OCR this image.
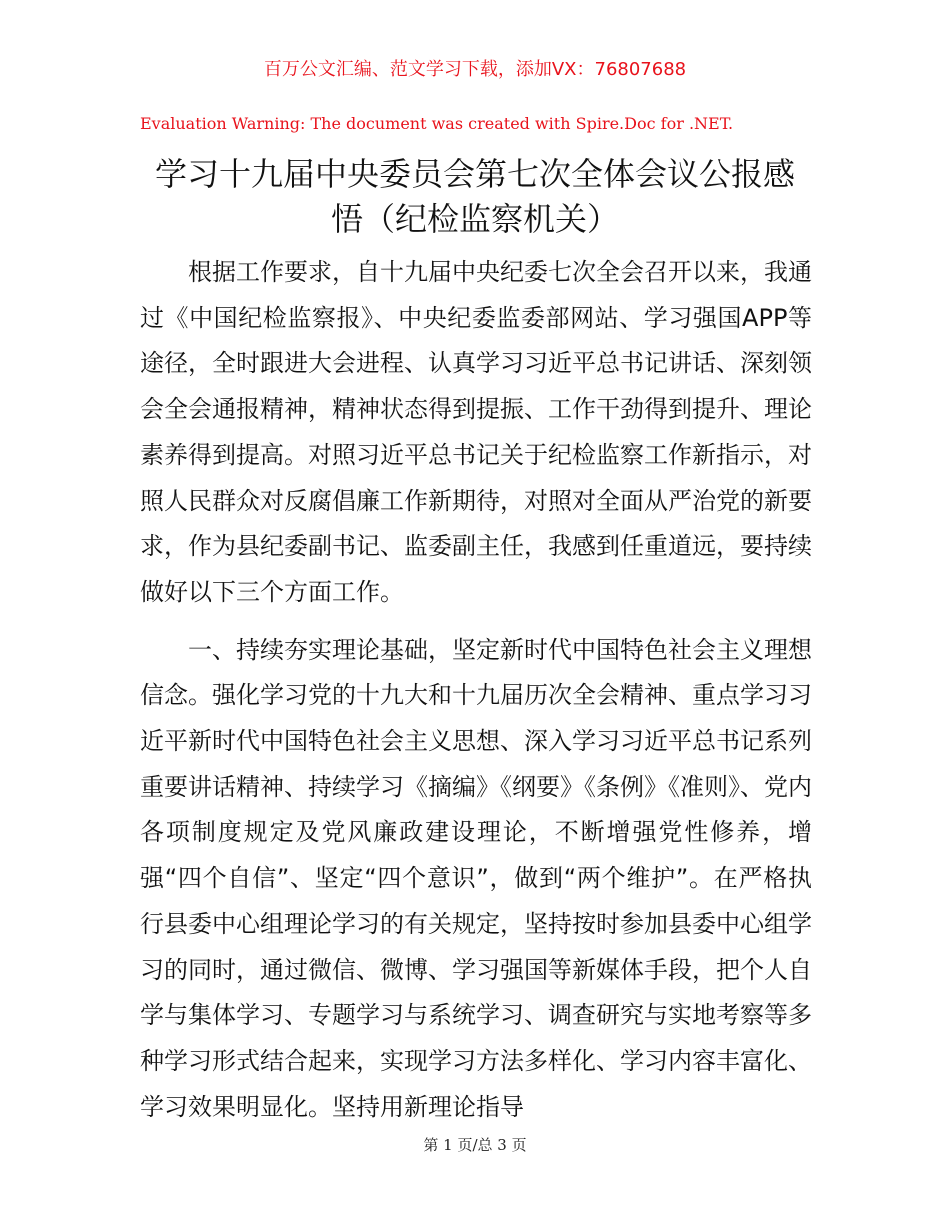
百万公文汇编、范文学习下载，添加VX：76807688
Evaluation Warning: The document was created with Spire.Doc for .NET.
学习十九届中央委员会第七次全体会议公报感
悟（纪检监察机关）

根据工作要求，自十九届中央纪委七次全会召开以来，我通过《中国纪检监察报》、中央纪委监委部网站、学习强国APP等途径，全时跟进大会进程、认真学习习近平总书记讲话、深刻领会全会通报精神，精神状态得到提振、工作干劲得到提升、理论素养得到提高。对照习近平总书记关于纪检监察工作新指示，对照人民群众对反腐倡廉工作新期待，对照对全面从严治党的新要求，作为县纪委副书记、监委副主任，我感到任重道远，要持续做好以下三个方面工作。

一、持续夯实理论基础，坚定新时代中国特色社会主义理想信念。强化学习党的十九大和十九届历次全会精神、重点学习习近平新时代中国特色社会主义思想、深入学习习近平总书记系列重要讲话精神、持续学习《摘编》《纲要》《条例》《准则》、党内各项制度规定及党风廉政建设理论，不断增强党性修养，增强“四个自信”、坚定“四个意识”，做到“两个维护”。在严格执行县委中心组理论学习的有关规定，坚持按时参加县委中心组学习的同时，通过微信、微博、学习强国等新媒体手段，把个人自学与集体学习、专题学习与系统学习、调查研究与实地考察等多种学习形式结合起来，实现学习方法多样化、学习内容丰富化、学习效果明显化。坚持用新理论指导

第 1 页/总 3 页
